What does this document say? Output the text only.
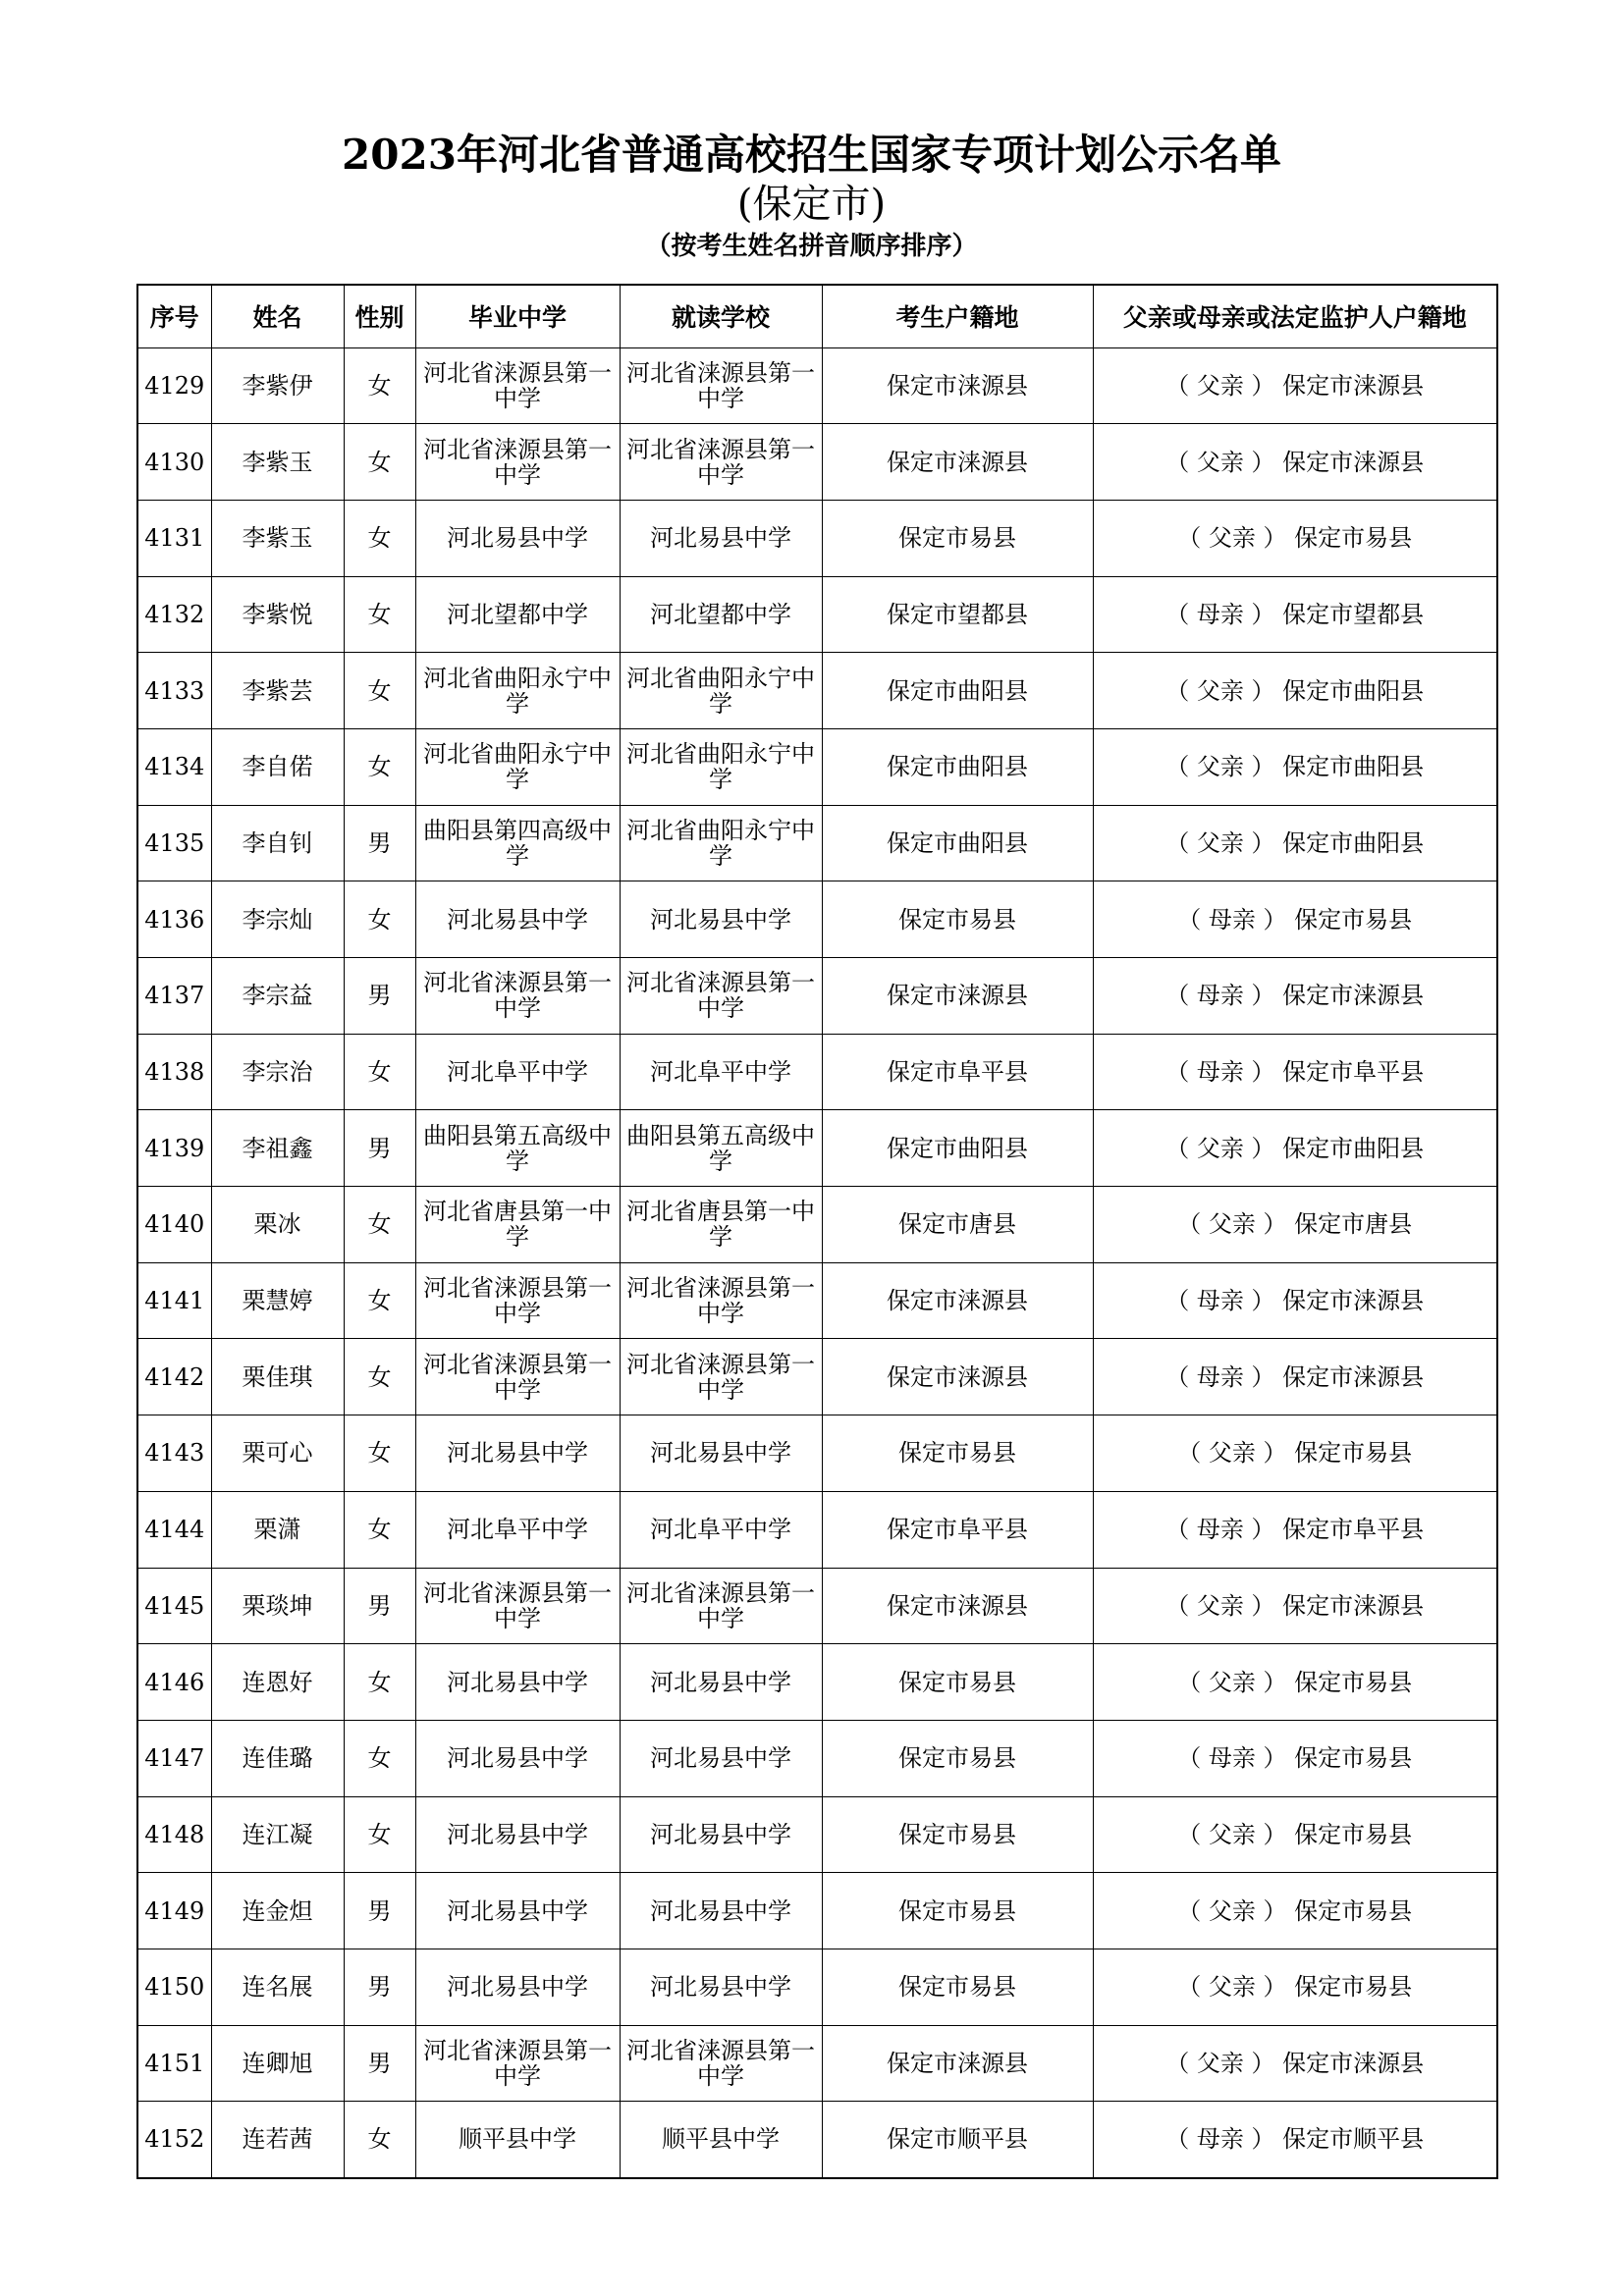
2023年河北省普通高校招生国家专项计划公示名单
(保定市)
（按考生姓名拼音顺序排序）
序号	姓名	性别	毕业中学	就读学校	考生户籍地	父亲或母亲或法定监护人户籍地
4129	李紫伊	女	河北省涞源县第一中学	河北省涞源县第一中学	保定市涞源县	（ 父亲 ） 保定市涞源县
4130	李紫玉	女	河北省涞源县第一中学	河北省涞源县第一中学	保定市涞源县	（ 父亲 ） 保定市涞源县
4131	李紫玉	女	河北易县中学	河北易县中学	保定市易县	（ 父亲 ） 保定市易县
4132	李紫悦	女	河北望都中学	河北望都中学	保定市望都县	（ 母亲 ） 保定市望都县
4133	李紫芸	女	河北省曲阳永宁中学	河北省曲阳永宁中学	保定市曲阳县	（ 父亲 ） 保定市曲阳县
4134	李自偌	女	河北省曲阳永宁中学	河北省曲阳永宁中学	保定市曲阳县	（ 父亲 ） 保定市曲阳县
4135	李自钊	男	曲阳县第四高级中学	河北省曲阳永宁中学	保定市曲阳县	（ 父亲 ） 保定市曲阳县
4136	李宗灿	女	河北易县中学	河北易县中学	保定市易县	（ 母亲 ） 保定市易县
4137	李宗益	男	河北省涞源县第一中学	河北省涞源县第一中学	保定市涞源县	（ 母亲 ） 保定市涞源县
4138	李宗治	女	河北阜平中学	河北阜平中学	保定市阜平县	（ 母亲 ） 保定市阜平县
4139	李祖鑫	男	曲阳县第五高级中学	曲阳县第五高级中学	保定市曲阳县	（ 父亲 ） 保定市曲阳县
4140	栗冰	女	河北省唐县第一中学	河北省唐县第一中学	保定市唐县	（ 父亲 ） 保定市唐县
4141	栗慧婷	女	河北省涞源县第一中学	河北省涞源县第一中学	保定市涞源县	（ 母亲 ） 保定市涞源县
4142	栗佳琪	女	河北省涞源县第一中学	河北省涞源县第一中学	保定市涞源县	（ 母亲 ） 保定市涞源县
4143	栗可心	女	河北易县中学	河北易县中学	保定市易县	（ 父亲 ） 保定市易县
4144	栗潇	女	河北阜平中学	河北阜平中学	保定市阜平县	（ 母亲 ） 保定市阜平县
4145	栗琰坤	男	河北省涞源县第一中学	河北省涞源县第一中学	保定市涞源县	（ 父亲 ） 保定市涞源县
4146	连恩好	女	河北易县中学	河北易县中学	保定市易县	（ 父亲 ） 保定市易县
4147	连佳璐	女	河北易县中学	河北易县中学	保定市易县	（ 母亲 ） 保定市易县
4148	连江凝	女	河北易县中学	河北易县中学	保定市易县	（ 父亲 ） 保定市易县
4149	连金炟	男	河北易县中学	河北易县中学	保定市易县	（ 父亲 ） 保定市易县
4150	连名展	男	河北易县中学	河北易县中学	保定市易县	（ 父亲 ） 保定市易县
4151	连卿旭	男	河北省涞源县第一中学	河北省涞源县第一中学	保定市涞源县	（ 父亲 ） 保定市涞源县
4152	连若茜	女	顺平县中学	顺平县中学	保定市顺平县	（ 母亲 ） 保定市顺平县
